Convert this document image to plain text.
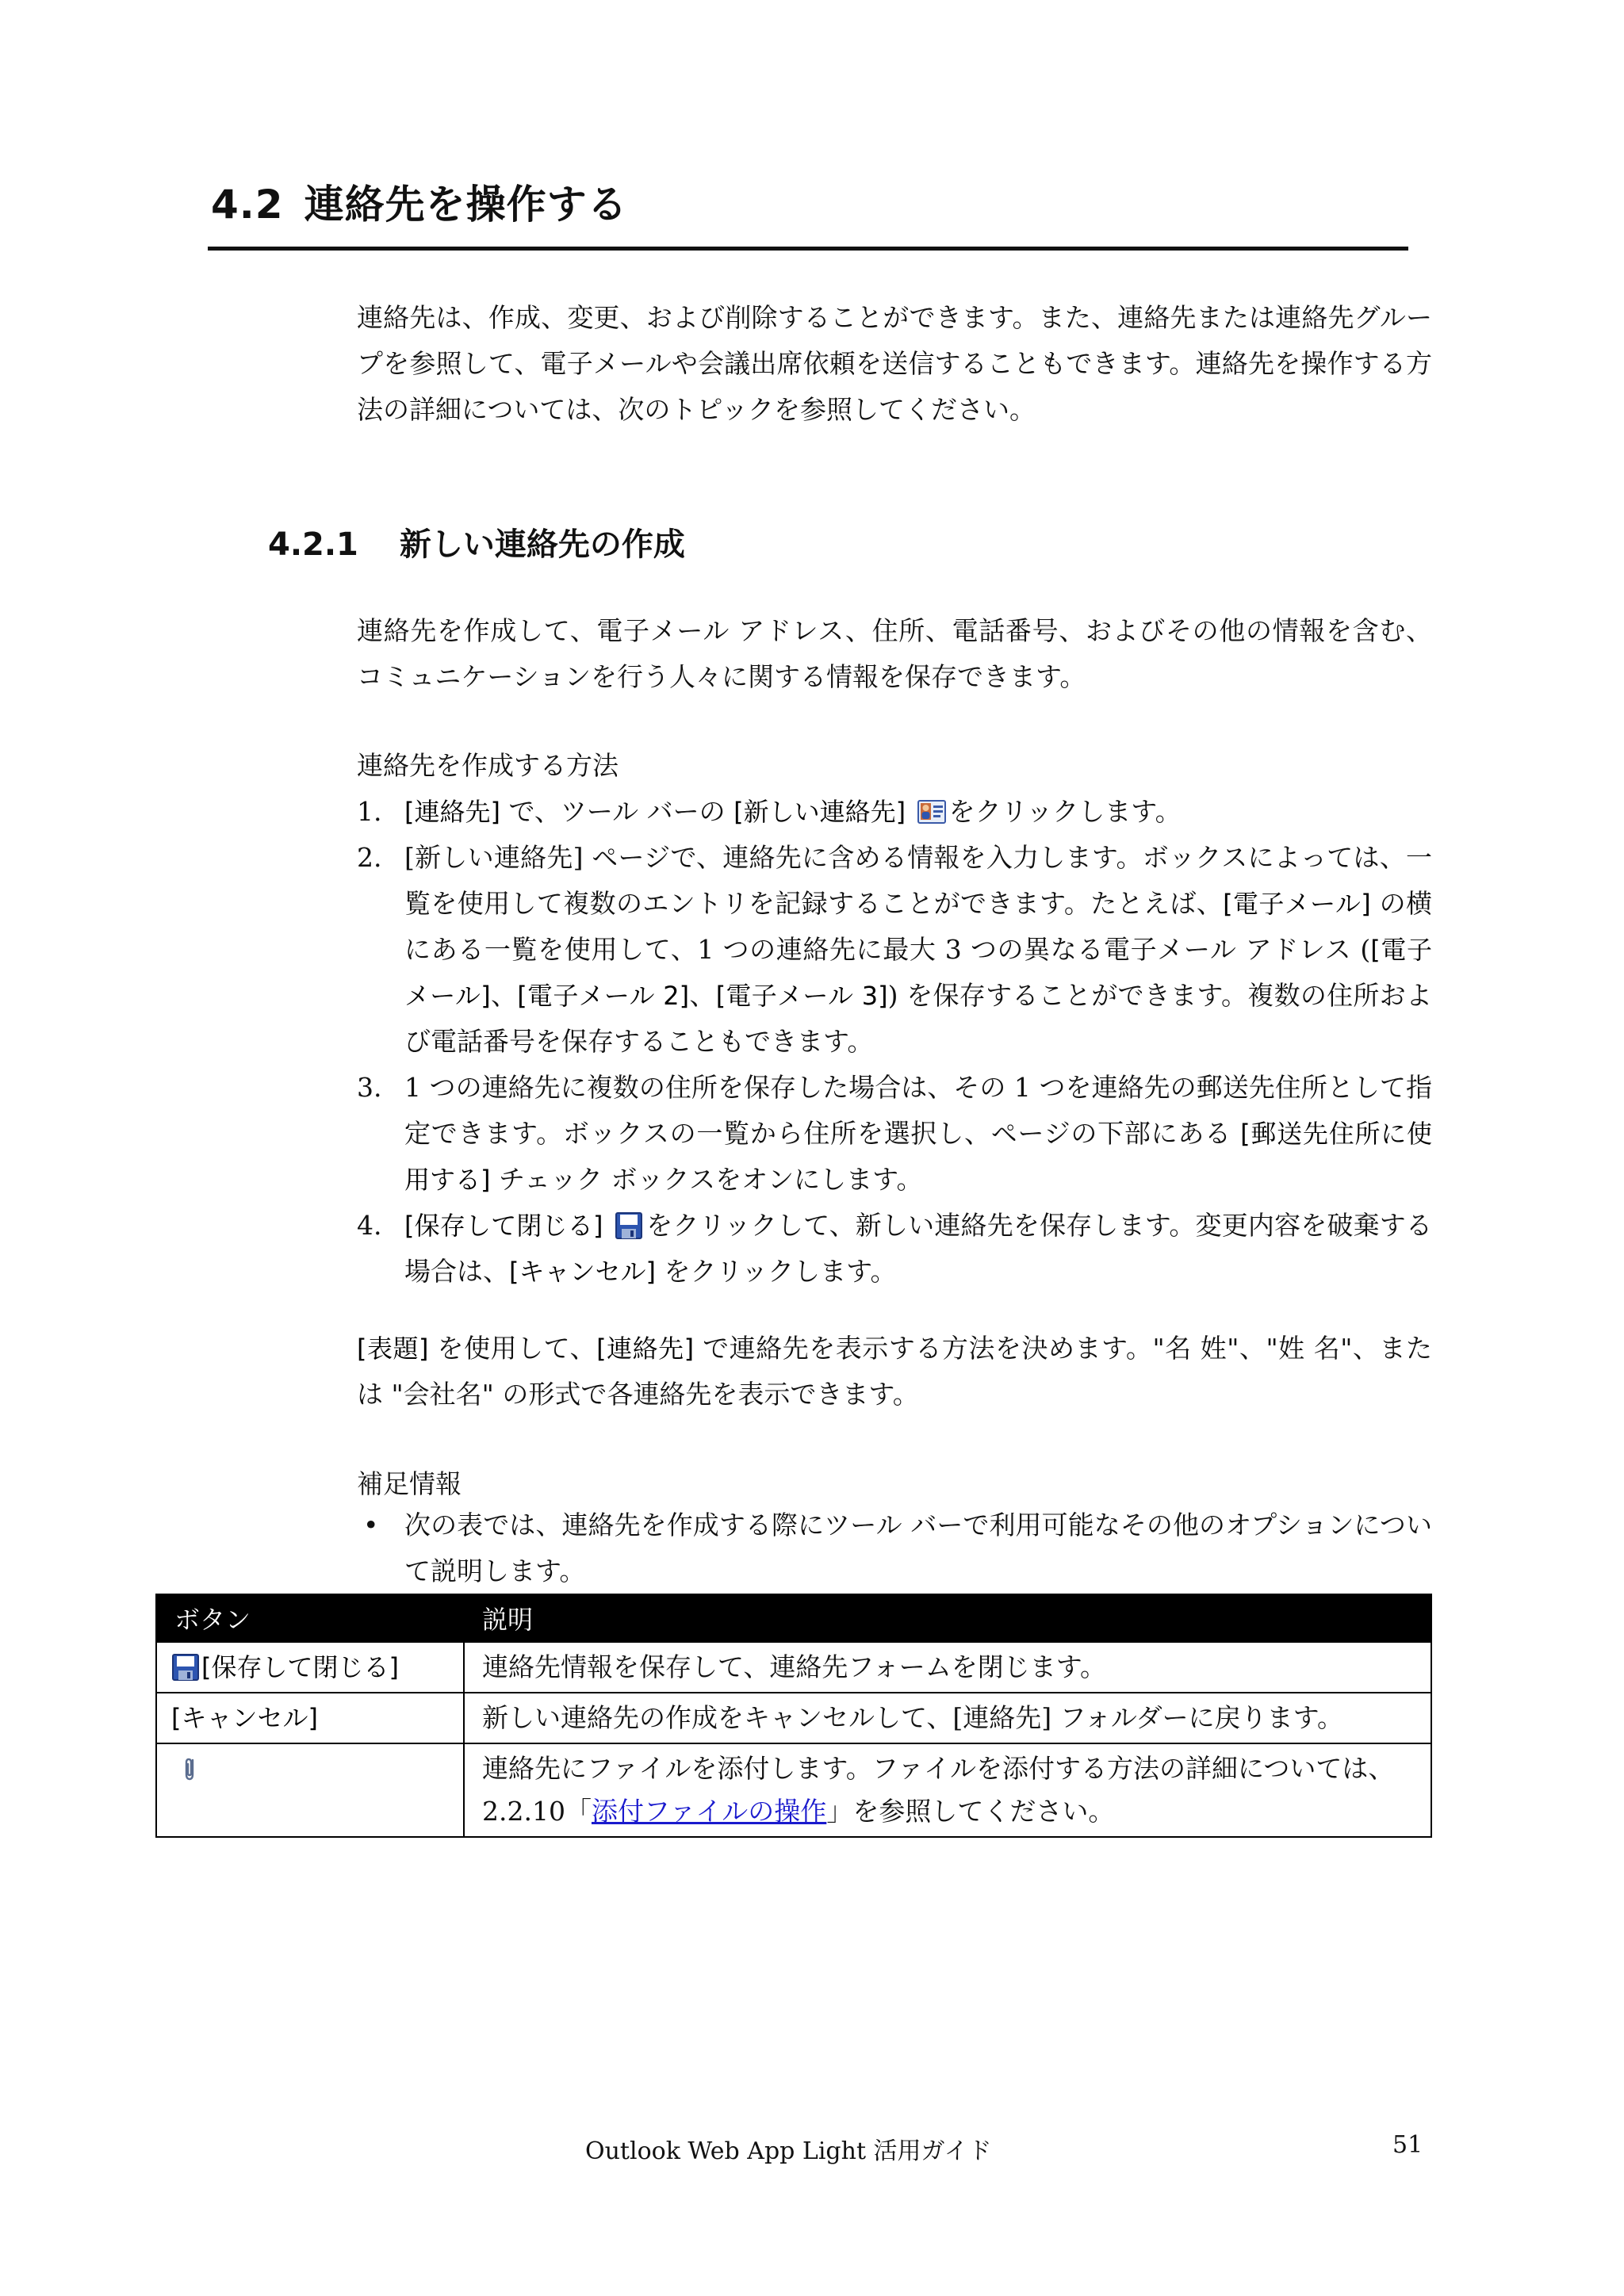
4.2 連絡先を操作する
連絡先は、作成、変更、および削除することができます。また、連絡先または連絡先グループを参照して、電子メールや会議出席依頼を送信することもできます。連絡先を操作する方法の詳細については、次のトピックを参照してください。
4.2.1 新しい連絡先の作成
連絡先を作成して、電子メール アドレス、住所、電話番号、およびその他の情報を含む、コミュニケーションを行う人々に関する情報を保存できます。
連絡先を作成する方法
1. [連絡先] で、ツール バーの [新しい連絡先] をクリックします。
2. [新しい連絡先] ページで、連絡先に含める情報を入力します。ボックスによっては、一覧を使用して複数のエントリを記録することができます。たとえば、[電子メール] の横にある一覧を使用して、1 つの連絡先に最大 3 つの異なる電子メール アドレス ([電子メール]、[電子メール 2]、[電子メール 3]) を保存することができます。複数の住所および電話番号を保存することもできます。
3. 1 つの連絡先に複数の住所を保存した場合は、その 1 つを連絡先の郵送先住所として指定できます。ボックスの一覧から住所を選択し、ページの下部にある [郵送先住所に使用する] チェック ボックスをオンにします。
4. [保存して閉じる] をクリックして、新しい連絡先を保存します。変更内容を破棄する場合は、[キャンセル] をクリックします。
[表題] を使用して、[連絡先] で連絡先を表示する方法を決めます。"名 姓"、"姓 名"、または "会社名" の形式で各連絡先を表示できます。
補足情報
• 次の表では、連絡先を作成する際にツール バーで利用可能なその他のオプションについて説明します。
ボタン	説明
[保存して閉じる]	連絡先情報を保存して、連絡先フォームを閉じます。
[キャンセル]	新しい連絡先の作成をキャンセルして、[連絡先] フォルダーに戻ります。
	連絡先にファイルを添付します。ファイルを添付する方法の詳細については、2.2.10「添付ファイルの操作」を参照してください。
Outlook Web App Light 活用ガイド	51
